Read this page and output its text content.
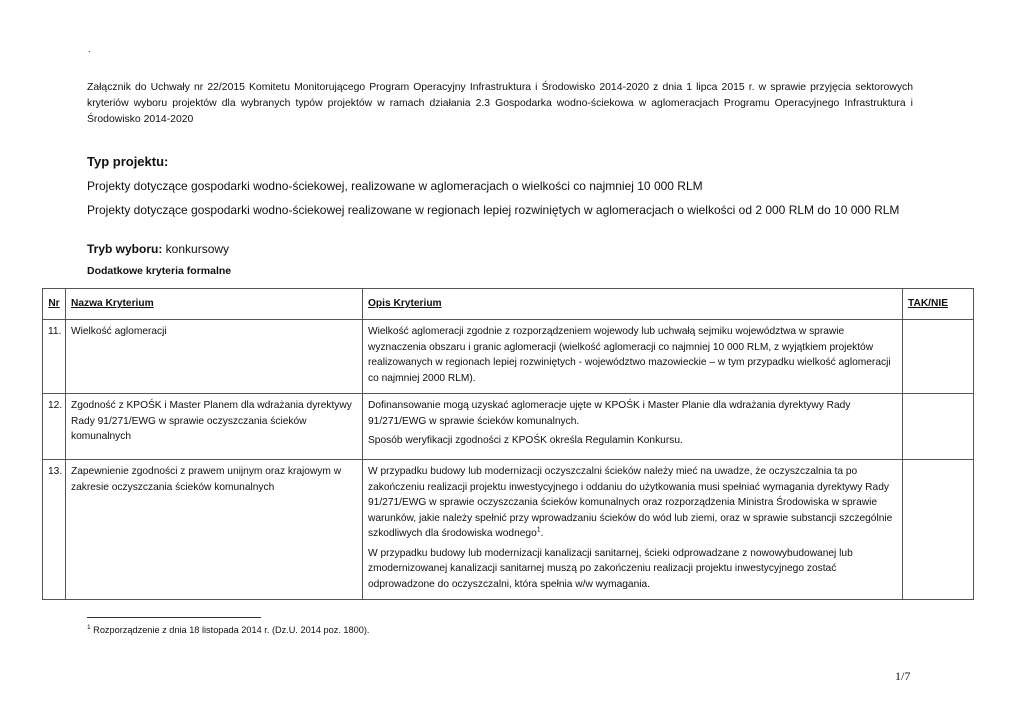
.
Załącznik do Uchwały nr 22/2015 Komitetu Monitorującego Program Operacyjny Infrastruktura i Środowisko 2014-2020 z dnia 1 lipca 2015 r. w sprawie przyjęcia sektorowych kryteriów wyboru projektów dla wybranych typów projektów w ramach działania 2.3 Gospodarka wodno-ściekowa w aglomeracjach Programu Operacyjnego Infrastruktura i Środowisko 2014-2020
Typ projektu:
Projekty dotyczące gospodarki wodno-ściekowej, realizowane w aglomeracjach o wielkości co najmniej 10 000 RLM
Projekty dotyczące gospodarki wodno-ściekowej realizowane w regionach lepiej rozwiniętych w aglomeracjach o wielkości od 2 000 RLM do 10 000 RLM
Tryb wyboru: konkursowy
Dodatkowe kryteria formalne
Nr	Nazwa Kryterium	Opis Kryterium	TAK/NIE
11.	Wielkość aglomeracji	Wielkość aglomeracji zgodnie z rozporządzeniem wojewody lub uchwałą sejmiku województwa w sprawie wyznaczenia obszaru i granic aglomeracji (wielkość aglomeracji co najmniej 10 000 RLM, z wyjątkiem projektów realizowanych w regionach lepiej rozwiniętych - województwo mazowieckie – w tym przypadku wielkość aglomeracji co najmniej 2000 RLM).	

12.	Zgodność z KPOŚK i Master Planem dla wdrażania dyrektywy Rady 91/271/EWG w sprawie oczyszczania ścieków komunalnych	Dofinansowanie mogą uzyskać aglomeracje ujęte w KPOŚK i Master Planie dla wdrażania dyrektywy Rady 91/271/EWG w sprawie ścieków komunalnych.

Sposób weryfikacji zgodności z KPOŚK określa Regulamin Konkursu.	

13.	Zapewnienie zgodności z prawem unijnym oraz krajowym w zakresie oczyszczania ścieków komunalnych	W przypadku budowy lub modernizacji oczyszczalni ścieków należy mieć na uwadze, że oczyszczalnia ta po zakończeniu realizacji projektu inwestycyjnego i oddaniu do użytkowania musi spełniać wymagania dyrektywy Rady 91/271/EWG w sprawie oczyszczania ścieków komunalnych oraz rozporządzenia Ministra Środowiska w sprawie warunków, jakie należy spełnić przy wprowadzaniu ścieków do wód lub ziemi, oraz w sprawie substancji szczególnie szkodliwych dla środowiska wodnego$^1$.

W przypadku budowy lub modernizacji kanalizacji sanitarnej, ścieki odprowadzane z nowowybudowanej lub zmodernizowanej kanalizacji sanitarnej muszą po zakończeniu realizacji projektu inwestycyjnego zostać odprowadzone do oczyszczalni, która spełnia w/w wymagania.	

$^1$ Rozporządzenie z dnia 18 listopada 2014 r. (Dz.U. 2014 poz. 1800).
1/7
